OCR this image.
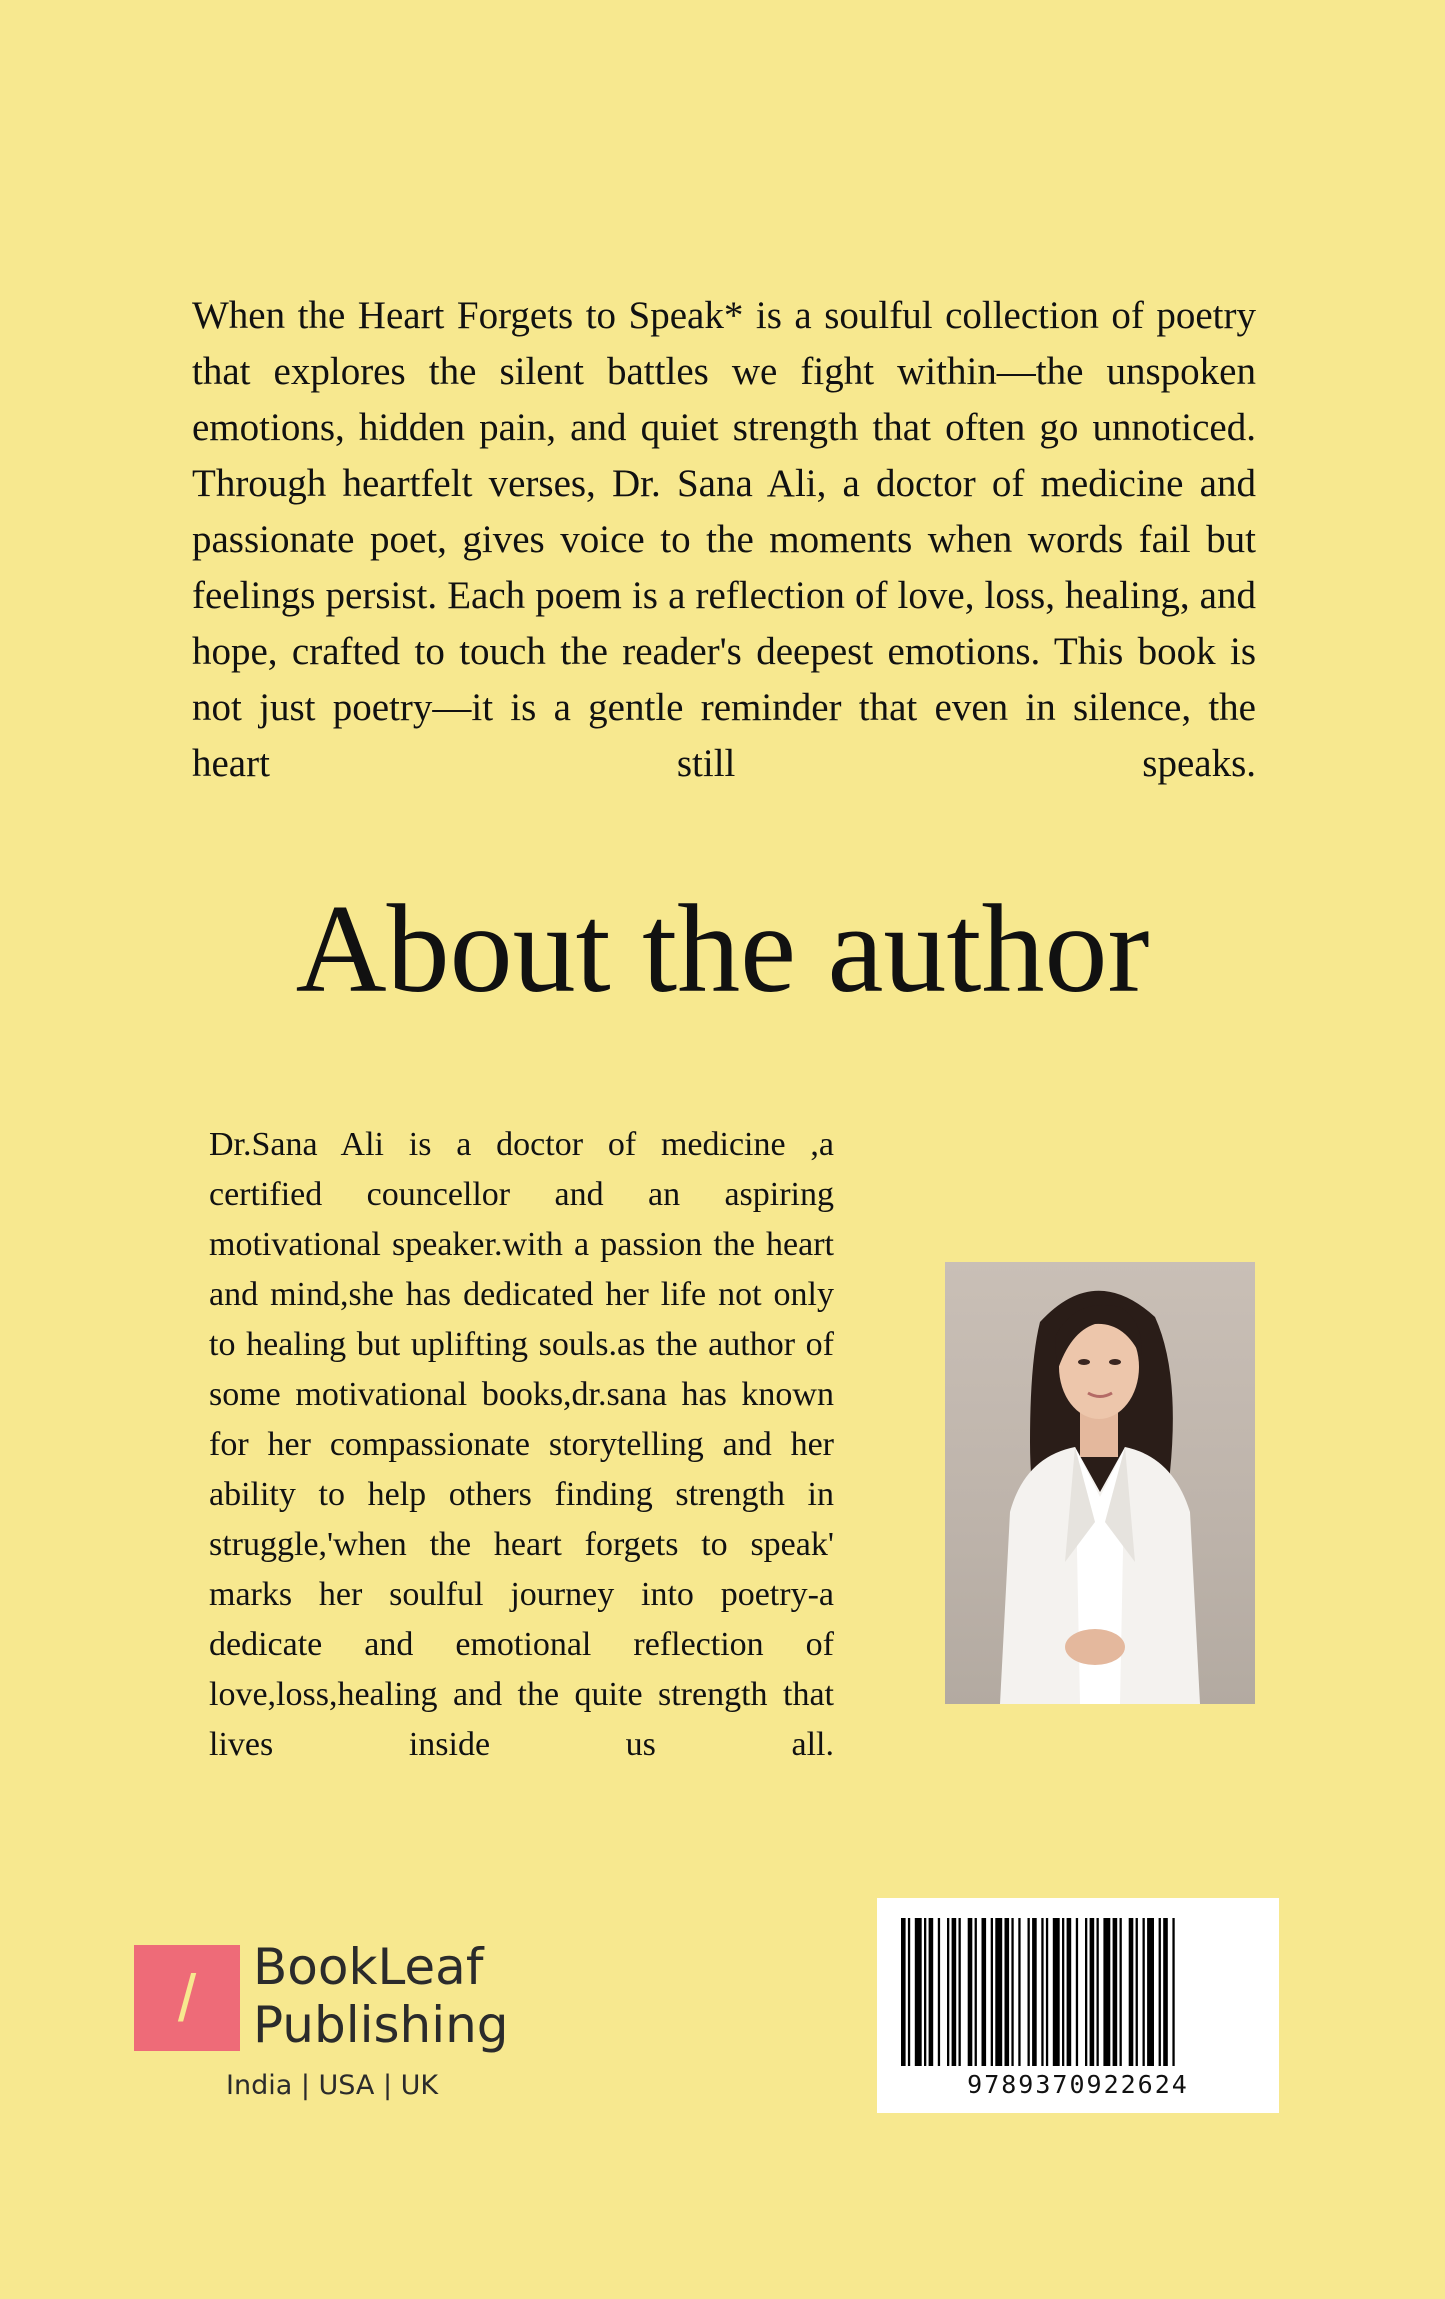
When the Heart Forgets to Speak* is a soulful collection of poetry that explores the silent battles we fight within—the unspoken emotions, hidden pain, and quiet strength that often go unnoticed. Through heartfelt verses, Dr. Sana Ali, a doctor of medicine and passionate poet, gives voice to the moments when words fail but feelings persist. Each poem is a reflection of love, loss, healing, and hope, crafted to touch the reader's deepest emotions. This book is not just poetry—it is a gentle reminder that even in silence, the heart still speaks.

About the author

Dr.Sana Ali is a doctor of medicine ,a certified councellor and an aspiring motivational speaker.with a passion the heart and mind,she has dedicated her life not only to healing but uplifting souls.as the author of some motivational books,dr.sana has known for her compassionate storytelling and her ability to help others finding strength in struggle,'when the heart forgets to speak' marks her soulful journey into poetry-a dedicate and emotional reflection of love,loss,healing and the quite strength that lives inside us all.

/	BookLeaf
Publishing
India | USA | UK	9789370922624
